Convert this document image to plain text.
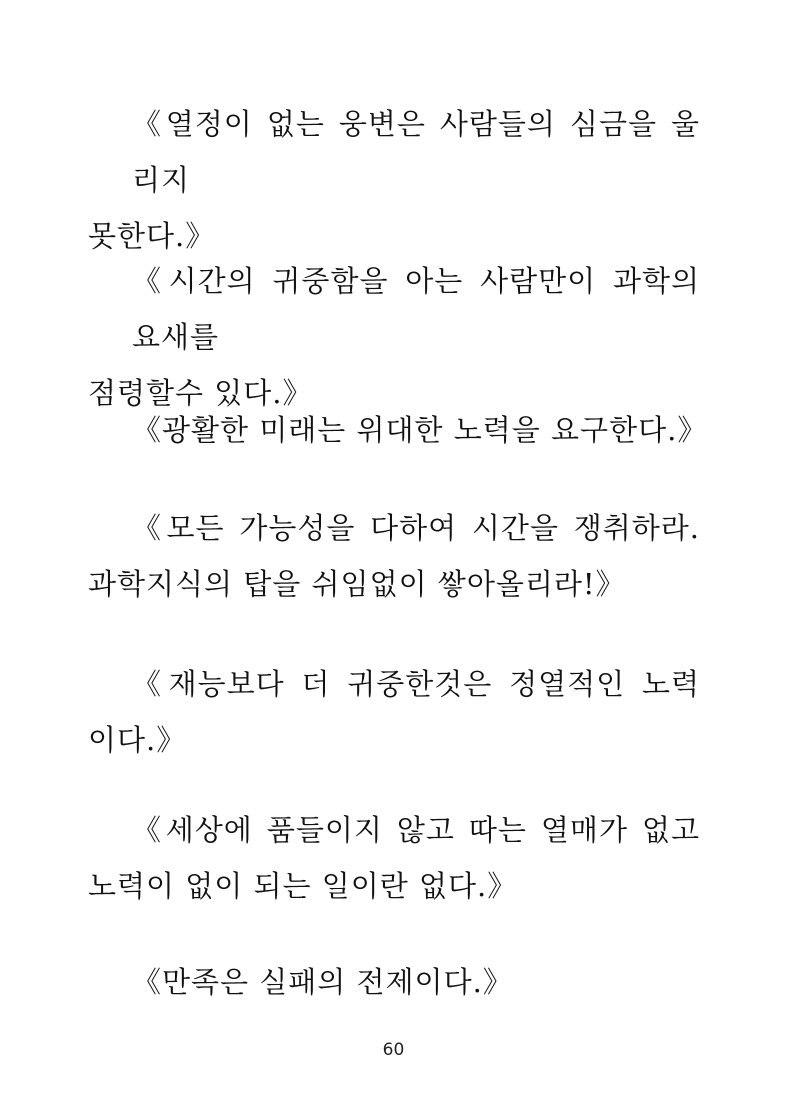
《열정이 없는 웅변은 사람들의 심금을 울리지
못한다.》

《시간의 귀중함을 아는 사람만이 과학의 요새를
점령할수 있다.》

《광활한 미래는 위대한 노력을 요구한다.》

《모든 가능성을 다하여 시간을 쟁취하라.
과학지식의 탑을 쉬임없이 쌓아올리라!》

《재능보다 더 귀중한것은 정열적인 노력
이다.》

《세상에 품들이지 않고 따는 열매가 없고
노력이 없이 되는 일이란 없다.》

《만족은 실패의 전제이다.》

60
